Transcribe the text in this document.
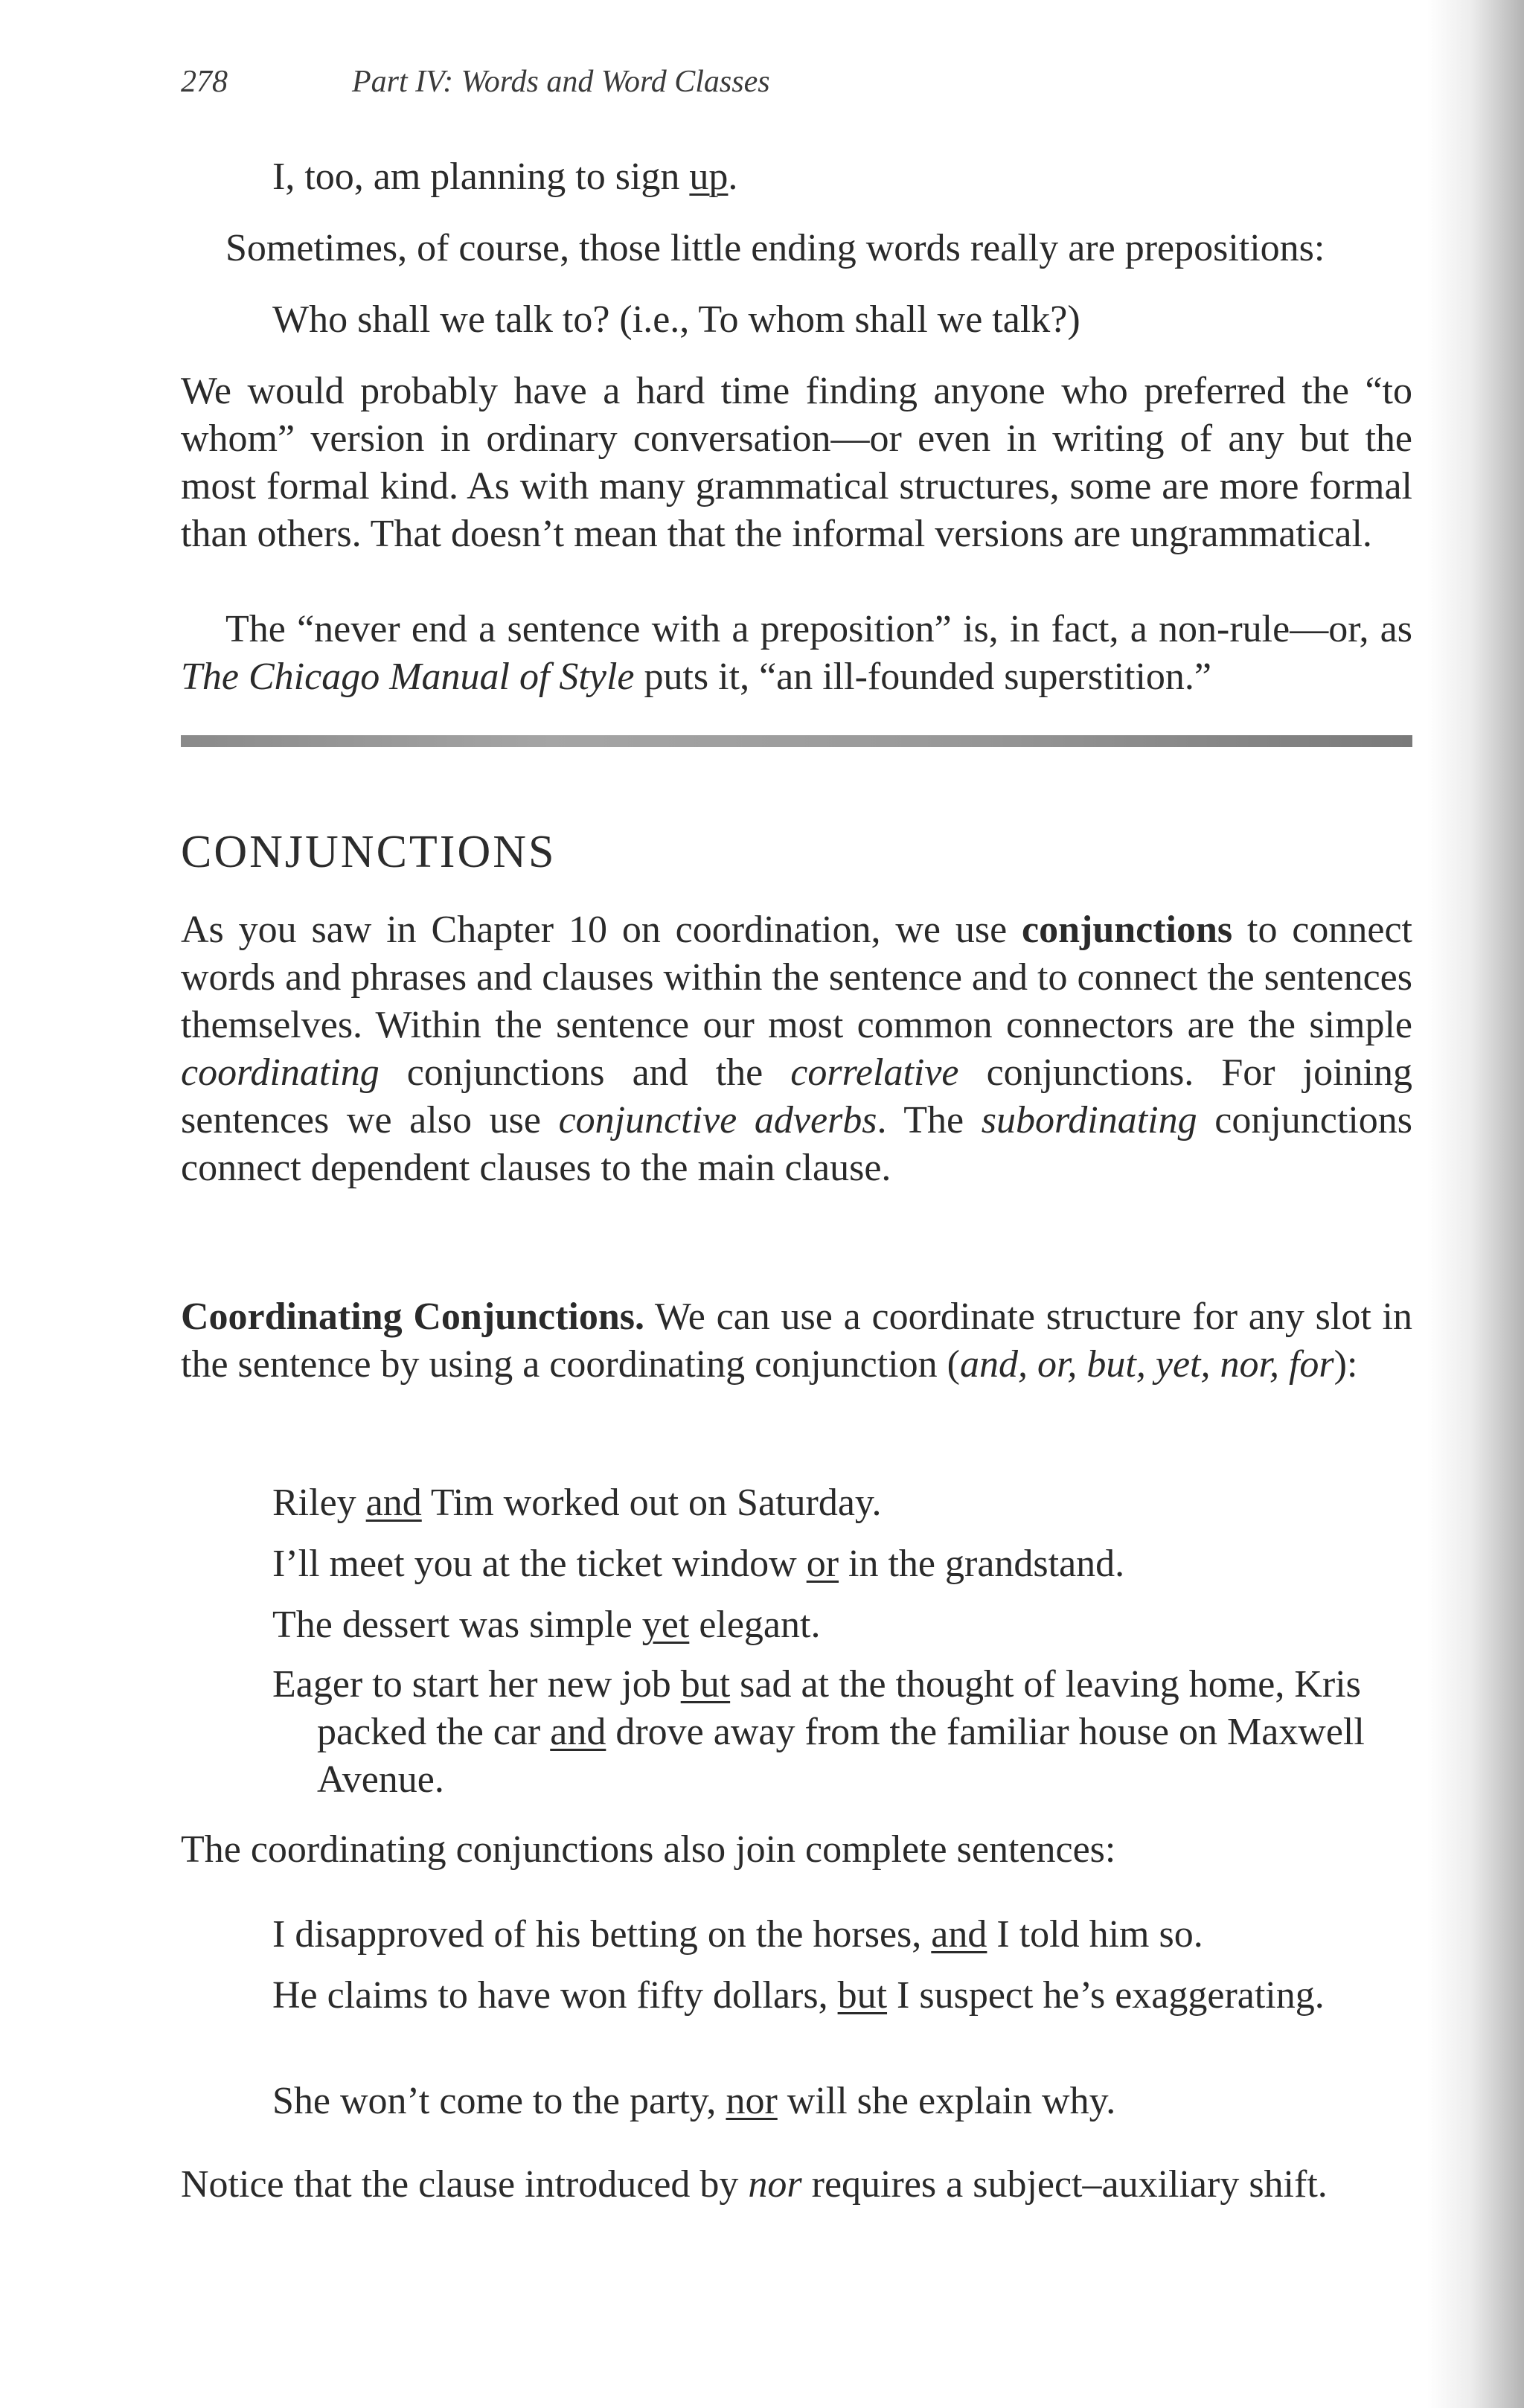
278	Part IV: Words and Word Classes
I, too, am planning to sign up.
Sometimes, of course, those little ending words really are prepositions:
Who shall we talk to? (i.e., To whom shall we talk?)
We would probably have a hard time finding anyone who preferred the “to whom” version in ordinary conversation—or even in writing of any but the most formal kind. As with many grammatical structures, some are more formal than others. That doesn’t mean that the informal versions are ungrammatical.
The “never end a sentence with a preposition” is, in fact, a non-rule—or, as The Chicago Manual of Style puts it, “an ill-founded superstition.”
CONJUNCTIONS
As you saw in Chapter 10 on coordination, we use conjunctions to connect words and phrases and clauses within the sentence and to connect the sentences themselves. Within the sentence our most common connectors are the simple coordinating conjunctions and the correlative conjunctions. For joining sentences we also use conjunctive adverbs. The subordinating conjunctions connect dependent clauses to the main clause.
Coordinating Conjunctions. We can use a coordinate structure for any slot in the sentence by using a coordinating conjunction (and, or, but, yet, nor, for):
Riley and Tim worked out on Saturday.
I’ll meet you at the ticket window or in the grandstand.
The dessert was simple yet elegant.
Eager to start her new job but sad at the thought of leaving home, Kris packed the car and drove away from the familiar house on Maxwell Avenue.
The coordinating conjunctions also join complete sentences:
I disapproved of his betting on the horses, and I told him so.
He claims to have won fifty dollars, but I suspect he’s exaggerating.
She won’t come to the party, nor will she explain why.
Notice that the clause introduced by nor requires a subject–auxiliary shift.
